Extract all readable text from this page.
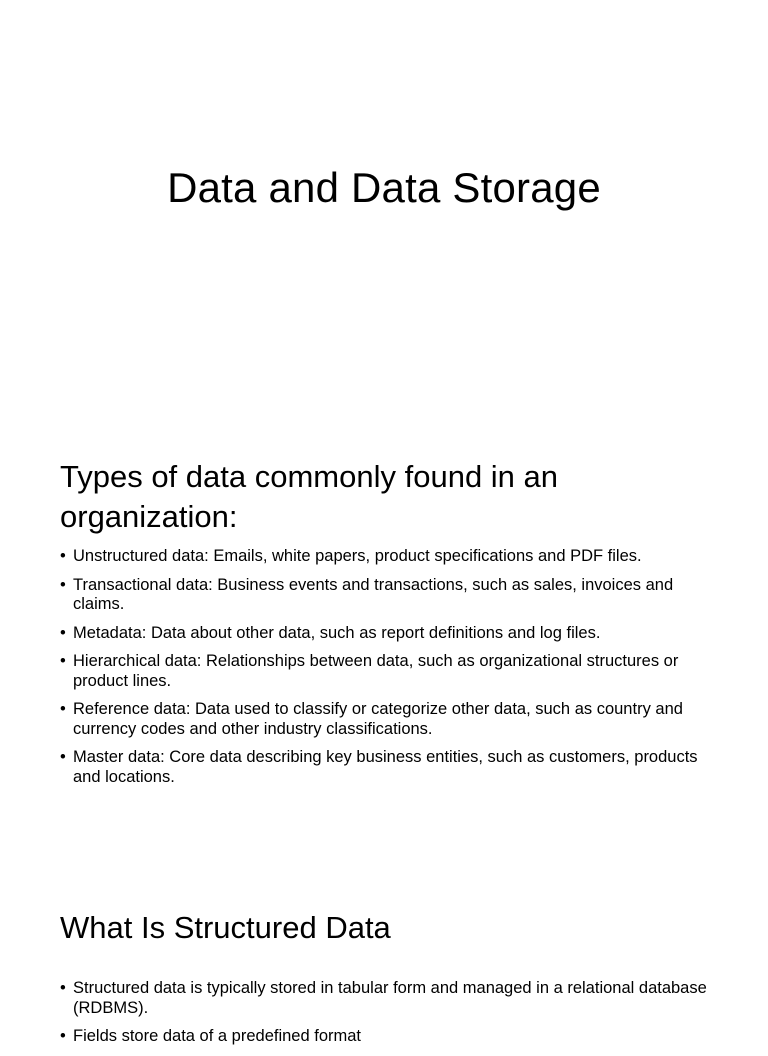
Data and Data Storage
Types of data commonly found in an organization:
• Unstructured data: Emails, white papers, product specifications and PDF files.
• Transactional data: Business events and transactions, such as sales, invoices and claims.
• Metadata: Data about other data, such as report definitions and log files.
• Hierarchical data: Relationships between data, such as organizational structures or product lines.
• Reference data: Data used to classify or categorize other data, such as country and currency codes and other industry classifications.
• Master data: Core data describing key business entities, such as customers, products and locations.
What Is Structured Data
• Structured data is typically stored in tabular form and managed in a relational database (RDBMS).
• Fields store data of a predefined format
